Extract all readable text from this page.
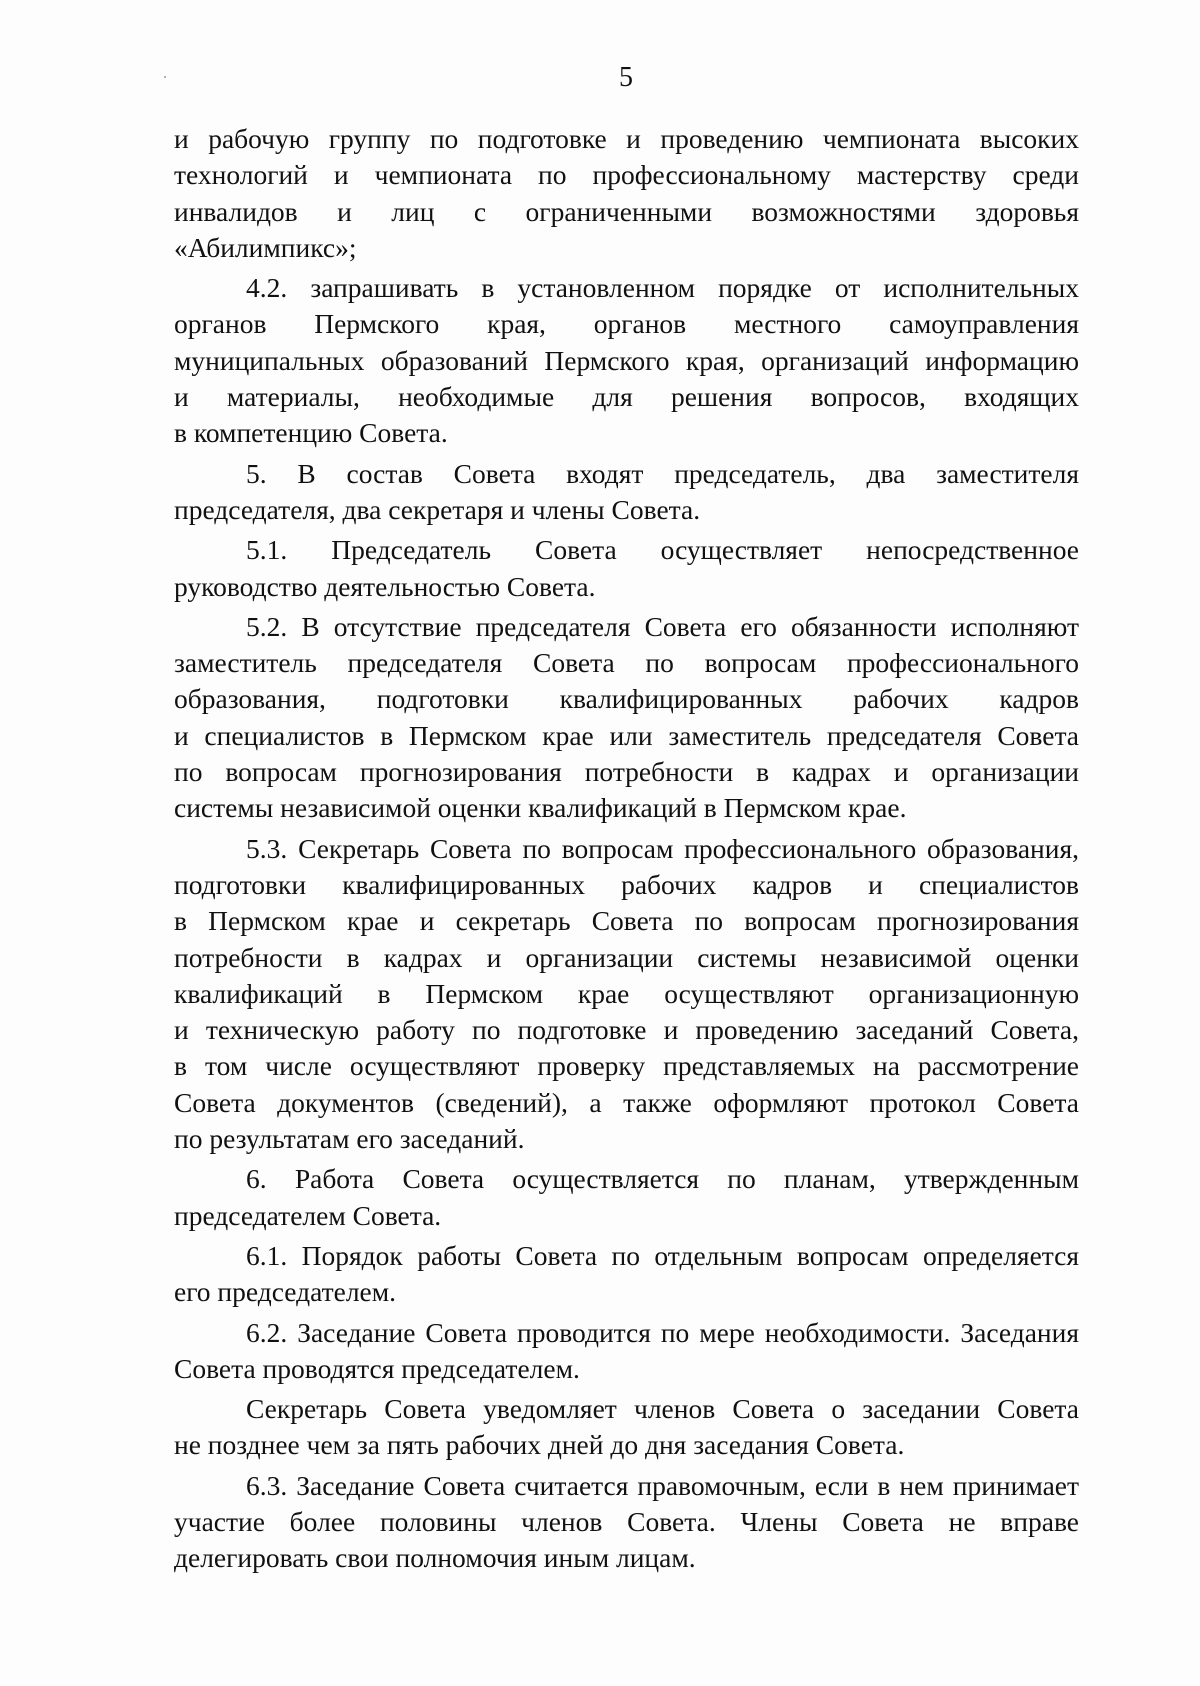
5
и рабочую группу по подготовке и проведению чемпионата высоких
технологий и чемпионата по профессиональному мастерству среди
инвалидов и лиц с ограниченными возможностями здоровья
«Абилимпикс»;
4.2. запрашивать в установленном порядке от исполнительных
органов Пермского края, органов местного самоуправления
муниципальных образований Пермского края, организаций информацию
и материалы, необходимые для решения вопросов, входящих
в компетенцию Совета.
5. В состав Совета входят председатель, два заместителя
председателя, два секретаря и члены Совета.
5.1. Председатель Совета осуществляет непосредственное
руководство деятельностью Совета.
5.2. В отсутствие председателя Совета его обязанности исполняют
заместитель председателя Совета по вопросам профессионального
образования, подготовки квалифицированных рабочих кадров
и специалистов в Пермском крае или заместитель председателя Совета
по вопросам прогнозирования потребности в кадрах и организации
системы независимой оценки квалификаций в Пермском крае.
5.3. Секретарь Совета по вопросам профессионального образования,
подготовки квалифицированных рабочих кадров и специалистов
в Пермском крае и секретарь Совета по вопросам прогнозирования
потребности в кадрах и организации системы независимой оценки
квалификаций в Пермском крае осуществляют организационную
и техническую работу по подготовке и проведению заседаний Совета,
в том числе осуществляют проверку представляемых на рассмотрение
Совета документов (сведений), а также оформляют протокол Совета
по результатам его заседаний.
6. Работа Совета осуществляется по планам, утвержденным
председателем Совета.
6.1. Порядок работы Совета по отдельным вопросам определяется
его председателем.
6.2. Заседание Совета проводится по мере необходимости. Заседания
Совета проводятся председателем.
Секретарь Совета уведомляет членов Совета о заседании Совета
не позднее чем за пять рабочих дней до дня заседания Совета.
6.3. Заседание Совета считается правомочным, если в нем принимает
участие более половины членов Совета. Члены Совета не вправе
делегировать свои полномочия иным лицам.
